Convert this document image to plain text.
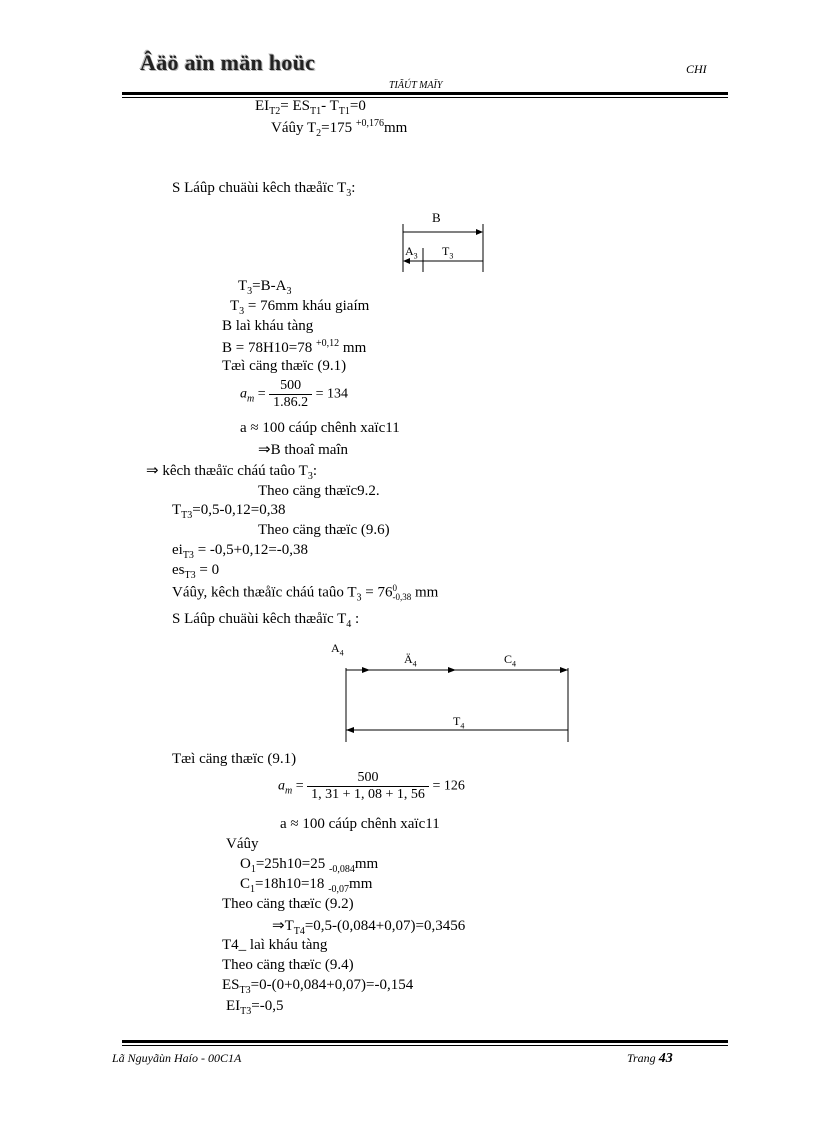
Âäö aïn män hoüc	CHI
TIÃÚT MAÏY
$EI_{T2}= ES_{T1}-$ $T_{T1}=0$
Váûy $T_2=175$ $^{+0,176}$mm
S Láûp chuäùi kêch thæåïc $T_3$:
B
$A_3$ $T_3$
$T_3=B-A_3$
$T_3 = 76mm$ kháu giaím
B laì kháu tàng
B = 78H10=78 $^{+0,12}$ mm
Tæì cäng thæïc (9.1)
$a_m = \frac{500}{1.86.2} = 134$
a ≈ 100 cáúp chênh xaïc11
⇒B thoaî maîn
⇒ kêch thæåïc cháú taûo $T_3$:
Theo cäng thæïc9.2.
$T_{T3}=0,5-0,12=0,38$
Theo cäng thæïc (9.6)
$ei_{T3} = -0,5+0,12=-0,38$
$es_{T3} = 0$
Váûy, kêch thæåïc cháú taûo $T_3 = 76$ 0
-0,38 mm
S Láûp chuäùi kêch thæåïc $T_4$ :
$A_4$	$Ä_4$	$C_4$
$T_4$
Tæì cäng thæïc (9.1)
$a_m = \frac{500}{1, 31 + 1, 08 + 1, 56} = 126$
a ≈ 100 cáúp chênh xaïc11
Váûy
$O_1=25h10=25$ $_{-0,084}$mm
$C_1=18h10=18$ $_{-0,07}$mm
Theo cäng thæïc (9.2)
$\Rightarrow T_{T4}=0,5-(0,084+0,07)=0,3456$
T4_ laì kháu tàng
Theo cäng thæïc (9.4)
$ES_{T3}=0-(0+0,084+0,07)=-0,154$
$EI_{T3}=-0,5$
Lã Nguyãùn Haío - 00C1A	Trang 43
